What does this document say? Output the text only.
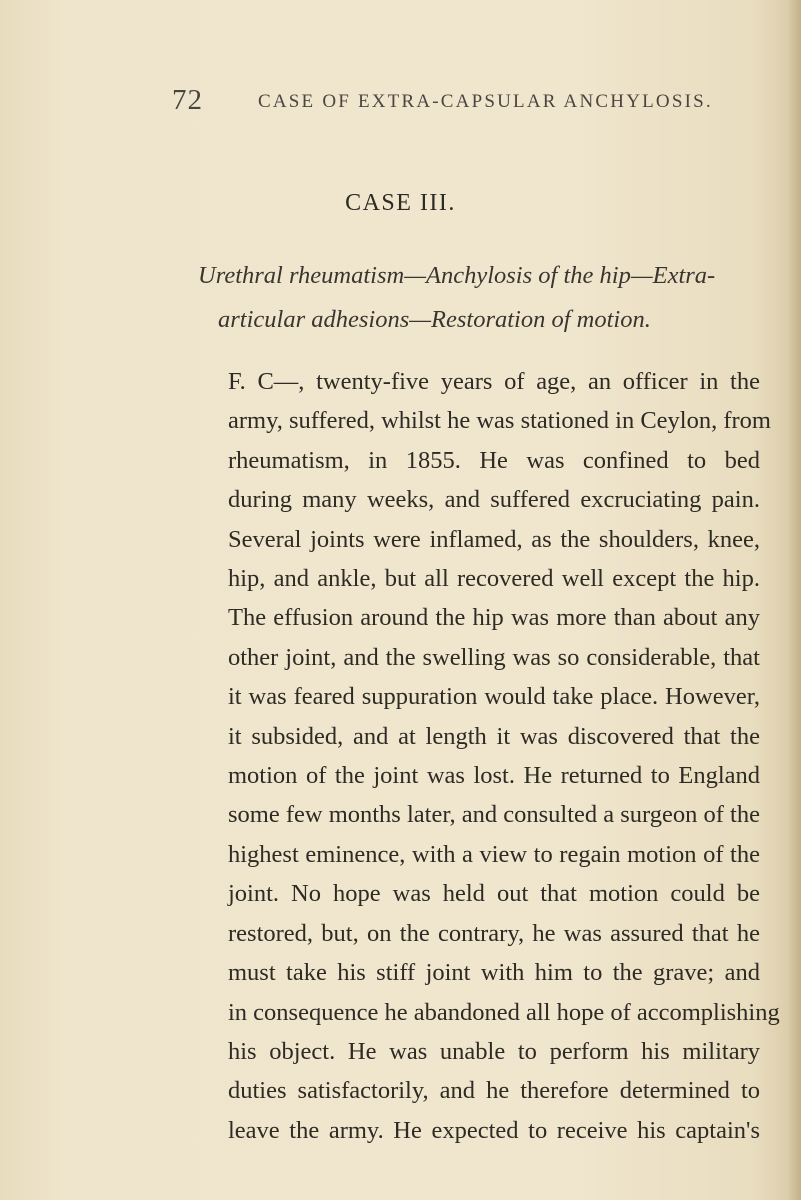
72	CASE OF EXTRA-CAPSULAR ANCHYLOSIS.
CASE III.
Urethral rheumatism—Anchylosis of the hip—Extra-
articular adhesions—Restoration of motion.
F. C—, twenty-five years of age, an officer in the
army, suffered, whilst he was stationed in Ceylon, from
rheumatism, in 1855. He was confined to bed
during many weeks, and suffered excruciating pain.
Several joints were inflamed, as the shoulders, knee,
hip, and ankle, but all recovered well except the hip.
The effusion around the hip was more than about any
other joint, and the swelling was so considerable, that
it was feared suppuration would take place. However,
it subsided, and at length it was discovered that the
motion of the joint was lost. He returned to England
some few months later, and consulted a surgeon of the
highest eminence, with a view to regain motion of the
joint. No hope was held out that motion could be
restored, but, on the contrary, he was assured that he
must take his stiff joint with him to the grave; and
in consequence he abandoned all hope of accomplishing
his object. He was unable to perform his military
duties satisfactorily, and he therefore determined to
leave the army. He expected to receive his captain's
